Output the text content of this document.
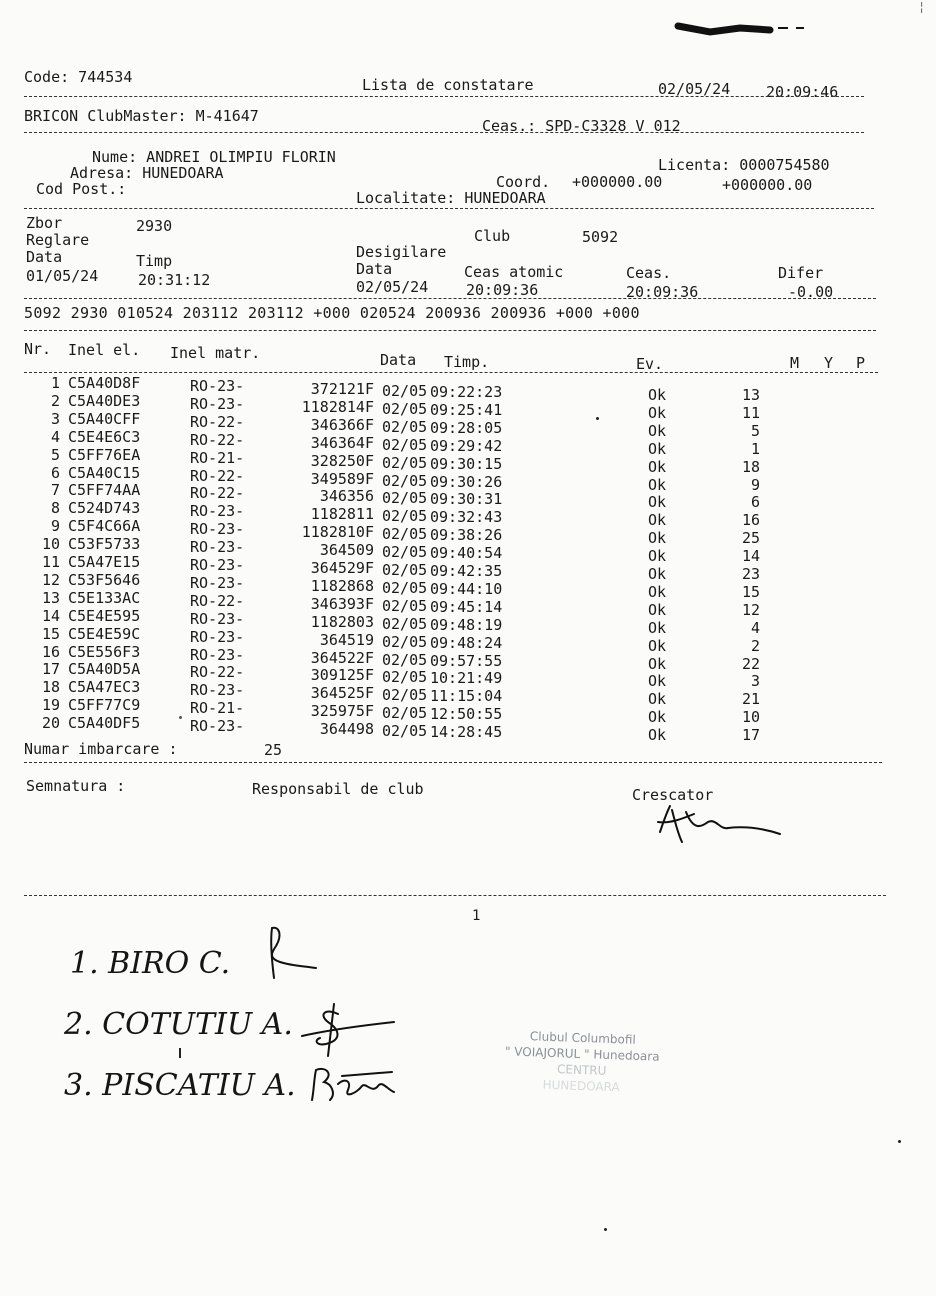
Code: 744534	Lista de constatare	02/05/24 20:09:46
BRICON ClubMaster: M-41647
Ceas.: SPD-C3328 V 012
Nume: ANDREI OLIMPIU FLORIN	Licenta: 0000754580
Adresa: HUNEDOARA	Coord. +000000.00	+000000.00
Cod Post.:	Localitate: HUNEDOARA
Zbor	2930
Club	5092
Reglare
Desigilare
Data	Timp	Data	Ceas atomic	Ceas.	Difer
01/05/24	20:31:12	02/05/24	20:09:36	20:09:36	-0.00
5092 2930 010524 203112 203112 +000 020524 200936 200936 +000 +000
Nr. Inel el. Inel matr.	Data Timp.	Ev.	M Y P
1 C5A40D8F	RO-23-	372121F 02/05 09:22:23	Ok	13
2 C5A40DE3	RO-23-	1182814F 02/05 09:25:41	Ok	11
3 C5A40CFF	RO-22-	346366F 02/05 09:28:05	Ok	5
4 C5E4E6C3	RO-22-	346364F 02/05 09:29:42	Ok	1
5 C5FF76EA	RO-21-	328250F 02/05 09:30:15	Ok	18
6 C5A40C15	RO-22-	349589F 02/05 09:30:26	Ok	9
7 C5FF74AA	RO-22-	346356 02/05 09:30:31	Ok	6
8 C524D743	RO-23-	1182811 02/05 09:32:43	Ok	16
9 C5F4C66A	RO-23-	1182810F 02/05 09:38:26	Ok	25
10 C53F5733	RO-23-	364509 02/05 09:40:54	Ok	14
11 C5A47E15	RO-23-	364529F 02/05 09:42:35	Ok	23
12 C53F5646	RO-23-	1182868 02/05 09:44:10	Ok	15
13 C5E133AC	RO-22-	346393F 02/05 09:45:14	Ok	12
14 C5E4E595	RO-23-	1182803 02/05 09:48:19	Ok	4
15 C5E4E59C	RO-23-	364519 02/05 09:48:24	Ok	2
16 C5E556F3	RO-23-	364522F 02/05 09:57:55	Ok	22
17 C5A40D5A	RO-22-	309125F 02/05 10:21:49	Ok	3
18 C5A47EC3	RO-23-	364525F 02/05 11:15:04	Ok	21
19 C5FF77C9	RO-21-	325975F 02/05 12:50:55	Ok	10
20 C5A40DF5	RO-23-	364498 02/05 14:28:45	Ok	17
Numar imbarcare :	25
Semnatura :	Responsabil de club	Crescator
1
1. BIRO C.
2. COTUTIU A.
3. PISCATIU A.
Clubul Columbofil
" VOIAJORUL " Hunedoara
CENTRU
HUNEDOARA
¦
